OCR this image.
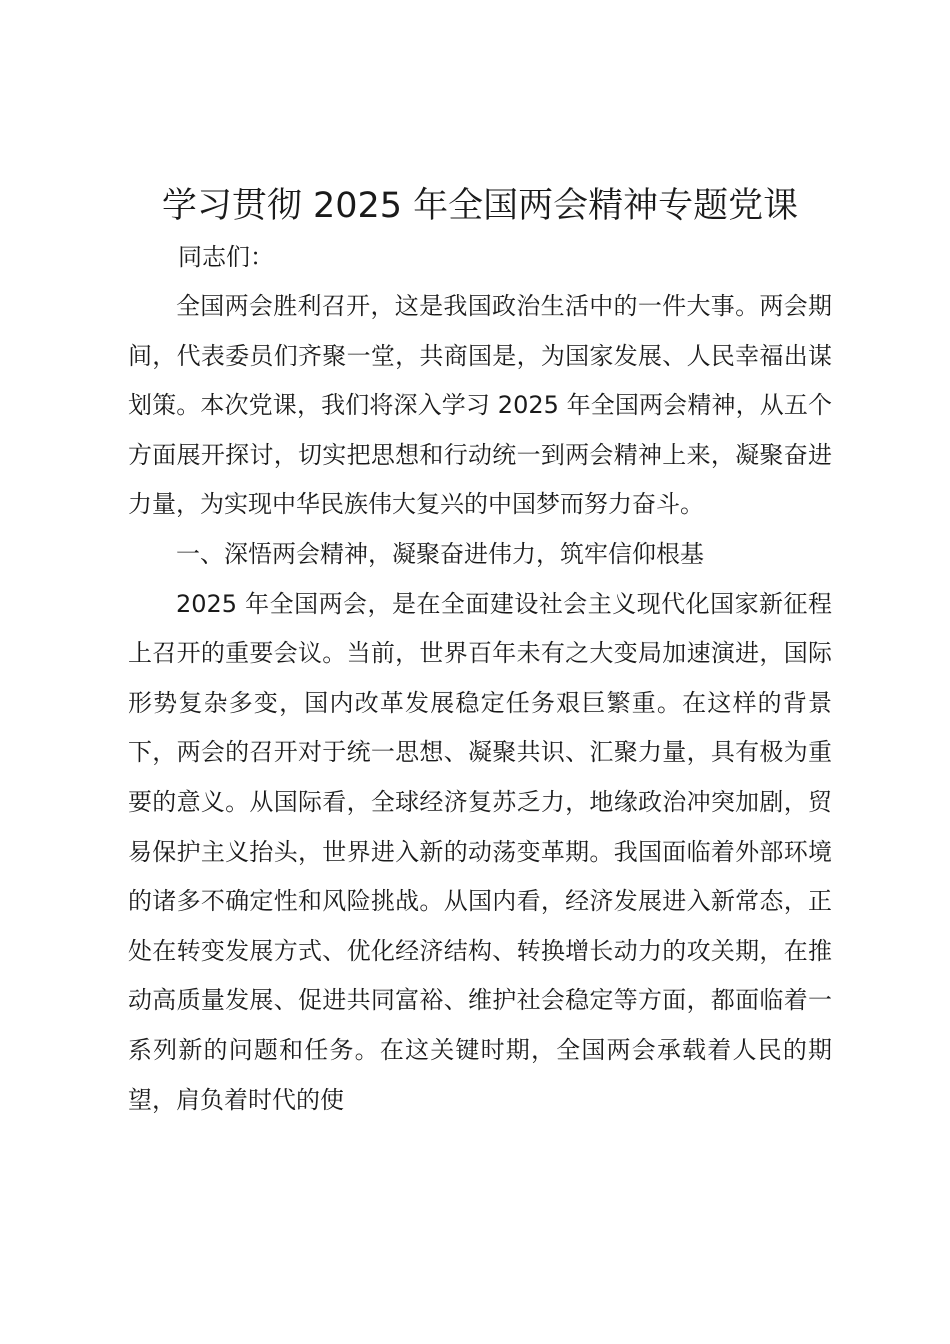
学习贯彻 2025 年全国两会精神专题党课

同志们：

全国两会胜利召开，这是我国政治生活中的一件大事。两会期间，代表委员们齐聚一堂，共商国是，为国家发展、人民幸福出谋划策。本次党课，我们将深入学习 2025 年全国两会精神，从五个方面展开探讨，切实把思想和行动统一到两会精神上来，凝聚奋进力量，为实现中华民族伟大复兴的中国梦而努力奋斗。

一、深悟两会精神，凝聚奋进伟力，筑牢信仰根基

2025 年全国两会，是在全面建设社会主义现代化国家新征程上召开的重要会议。当前，世界百年未有之大变局加速演进，国际形势复杂多变，国内改革发展稳定任务艰巨繁重。在这样的背景下，两会的召开对于统一思想、凝聚共识、汇聚力量，具有极为重要的意义。从国际看，全球经济复苏乏力，地缘政治冲突加剧，贸易保护主义抬头，世界进入新的动荡变革期。我国面临着外部环境的诸多不确定性和风险挑战。从国内看，经济发展进入新常态，正处在转变发展方式、优化经济结构、转换增长动力的攻关期，在推动高质量发展、促进共同富裕、维护社会稳定等方面，都面临着一系列新的问题和任务。在这关键时期，全国两会承载着人民的期望，肩负着时代的使
